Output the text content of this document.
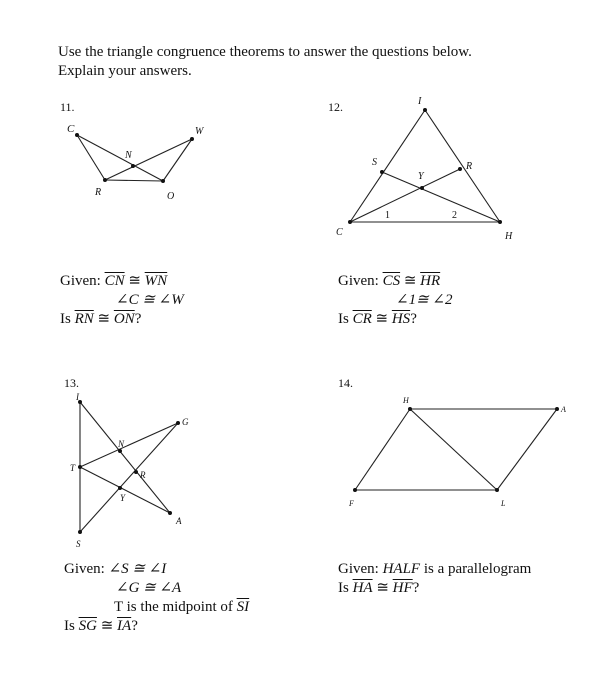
Use the triangle congruence theorems to answer the questions below.
Explain your answers.
11.
C	W
N
R	O
12.	I
S
Y
R
C	H
1	2
Given: $\overline{CN}$ ≅ $\overline{WN}$
∠C ≅ ∠W
Is $\overline{RN}$ ≅ $\overline{ON}$?
Given: $\overline{CS}$ ≅ $\overline{HR}$
∠1≅ ∠2
Is $\overline{CR}$ ≅ $\overline{HS}$?
13.
I
G
N
T
R
Y
A
S
14.
H
A
F	L
Given: ∠S ≅ ∠I
∠G ≅ ∠A
T is the midpoint of $\overline{SI}$
Is $\overline{SG}$ ≅ $\overline{IA}$?
Given: HALF is a parallelogram
Is $\overline{HA}$ ≅ $\overline{HF}$?
